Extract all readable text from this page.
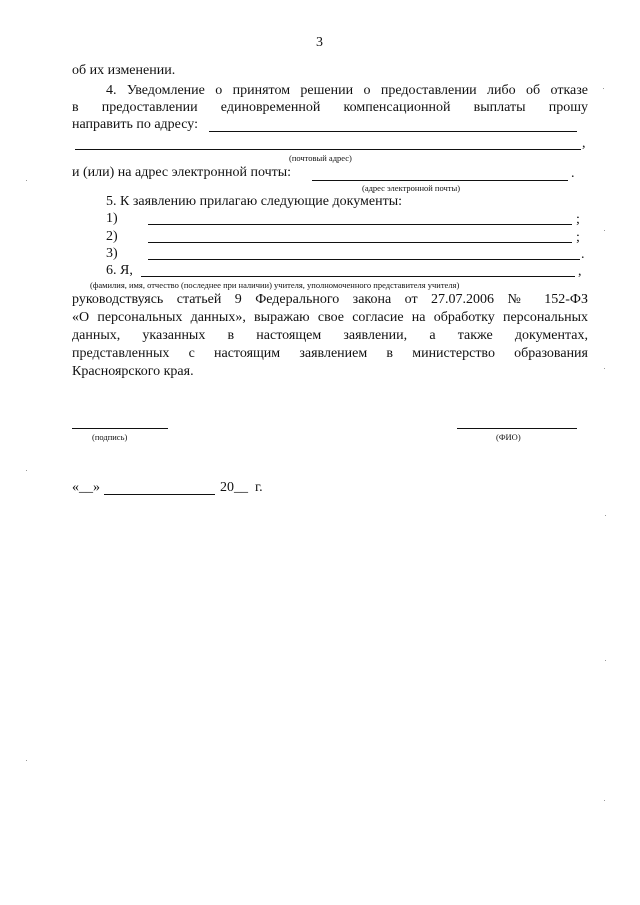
3
об их изменении.
4. Уведомление о принятом решении о предоставлении либо об отказе
в предоставлении единовременной компенсационной выплаты прошу
направить по адресу:
,
(почтовый адрес)
и (или) на адрес электронной почты:	.
(адрес электронной почты)
5. К заявлению прилагаю следующие документы:
1)	;
2)	;
3)	.
6. Я,	,
(фамилия, имя, отчество (последнее при наличии) учителя, уполномоченного представителя учителя)
руководствуясь статьей 9 Федерального закона от 27.07.2006 № 152-ФЗ
«О персональных данных», выражаю свое согласие на обработку персональных
данных, указанных в настоящем заявлении, а также документах,
представленных с настоящим заявлением в министерство образования
Красноярского края.
(подпись)	(ФИО)
«__»	20__ г.
